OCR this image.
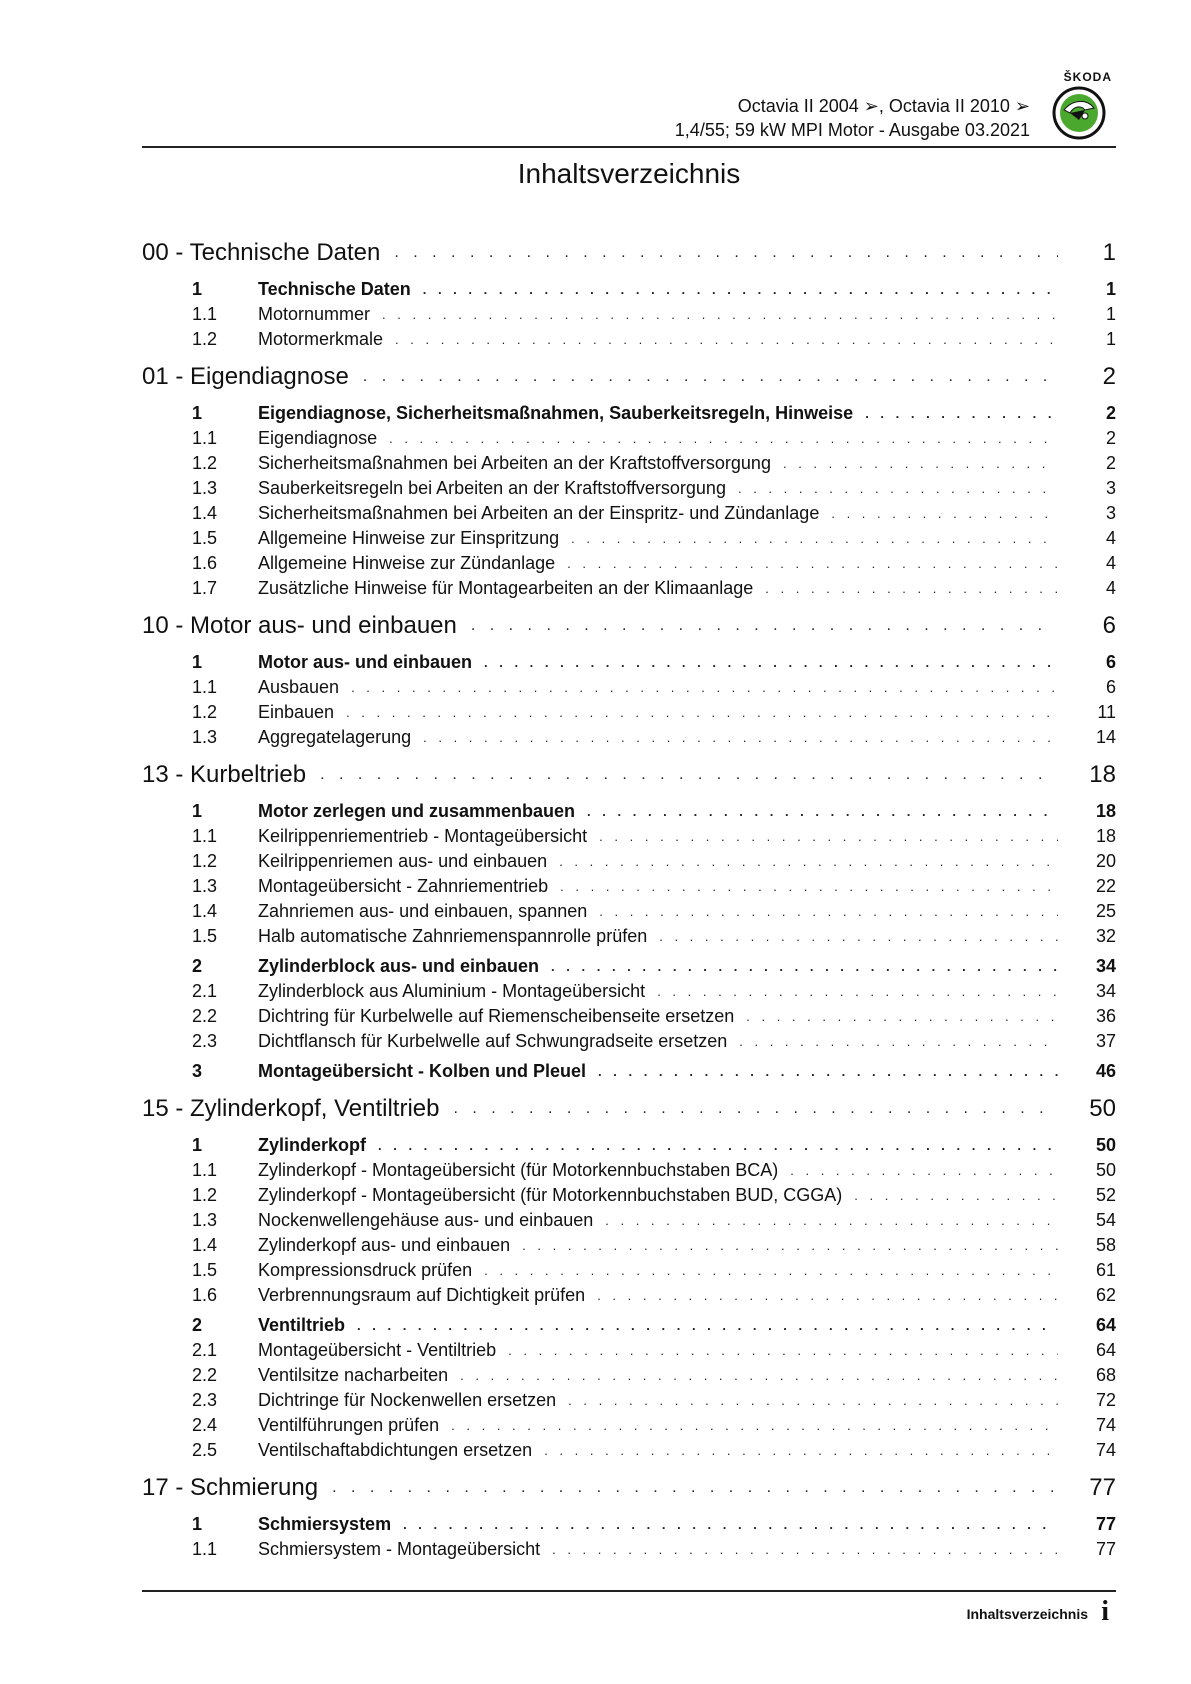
Octavia II 2004 ➢, Octavia II 2010 ➢
1,4/55; 59 kW MPI Motor - Ausgabe 03.2021
ŠKODA
Inhaltsverzeichnis
00 - Technische Daten . . .	1
1	Technische Daten . . .	1
1.1	Motornummer . . .	1
1.2	Motormerkmale . . .	1
01 - Eigendiagnose . . .	2
1	Eigendiagnose, Sicherheitsmaßnahmen, Sauberkeitsregeln, Hinweise . . .	2
1.1	Eigendiagnose . . .	2
1.2	Sicherheitsmaßnahmen bei Arbeiten an der Kraftstoffversorgung . . .	2
1.3	Sauberkeitsregeln bei Arbeiten an der Kraftstoffversorgung . . .	3
1.4	Sicherheitsmaßnahmen bei Arbeiten an der Einspritz- und Zündanlage . . .	3
1.5	Allgemeine Hinweise zur Einspritzung . . .	4
1.6	Allgemeine Hinweise zur Zündanlage . . .	4
1.7	Zusätzliche Hinweise für Montagearbeiten an der Klimaanlage . . .	4
10 - Motor aus- und einbauen . . .	6
1	Motor aus- und einbauen . . .	6
1.1	Ausbauen . . .	6
1.2	Einbauen . . .	11
1.3	Aggregatelagerung . . .	14
13 - Kurbeltrieb . . .	18
1	Motor zerlegen und zusammenbauen . . .	18
1.1	Keilrippenriementrieb - Montageübersicht . . .	18
1.2	Keilrippenriemen aus- und einbauen . . .	20
1.3	Montageübersicht - Zahnriementrieb . . .	22
1.4	Zahnriemen aus- und einbauen, spannen . . .	25
1.5	Halb automatische Zahnriemenspannrolle prüfen . . .	32
2	Zylinderblock aus- und einbauen . . .	34
2.1	Zylinderblock aus Aluminium - Montageübersicht . . .	34
2.2	Dichtring für Kurbelwelle auf Riemenscheibenseite ersetzen . . .	36
2.3	Dichtflansch für Kurbelwelle auf Schwungradseite ersetzen . . .	37
3	Montageübersicht - Kolben und Pleuel . . .	46
15 - Zylinderkopf, Ventiltrieb . . .	50
1	Zylinderkopf . . .	50
1.1	Zylinderkopf - Montageübersicht (für Motorkennbuchstaben BCA) . . .	50
1.2	Zylinderkopf - Montageübersicht (für Motorkennbuchstaben BUD, CGGA) . . .	52
1.3	Nockenwellengehäuse aus- und einbauen . . .	54
1.4	Zylinderkopf aus- und einbauen . . .	58
1.5	Kompressionsdruck prüfen . . .	61
1.6	Verbrennungsraum auf Dichtigkeit prüfen . . .	62
2	Ventiltrieb . . .	64
2.1	Montageübersicht - Ventiltrieb . . .	64
2.2	Ventilsitze nacharbeiten . . .	68
2.3	Dichtringe für Nockenwellen ersetzen . . .	72
2.4	Ventilführungen prüfen . . .	74
2.5	Ventilschaftabdichtungen ersetzen . . .	74
17 - Schmierung . . .	77
1	Schmiersystem . . .	77
1.1	Schmiersystem - Montageübersicht . . .	77
Inhaltsverzeichnis i
